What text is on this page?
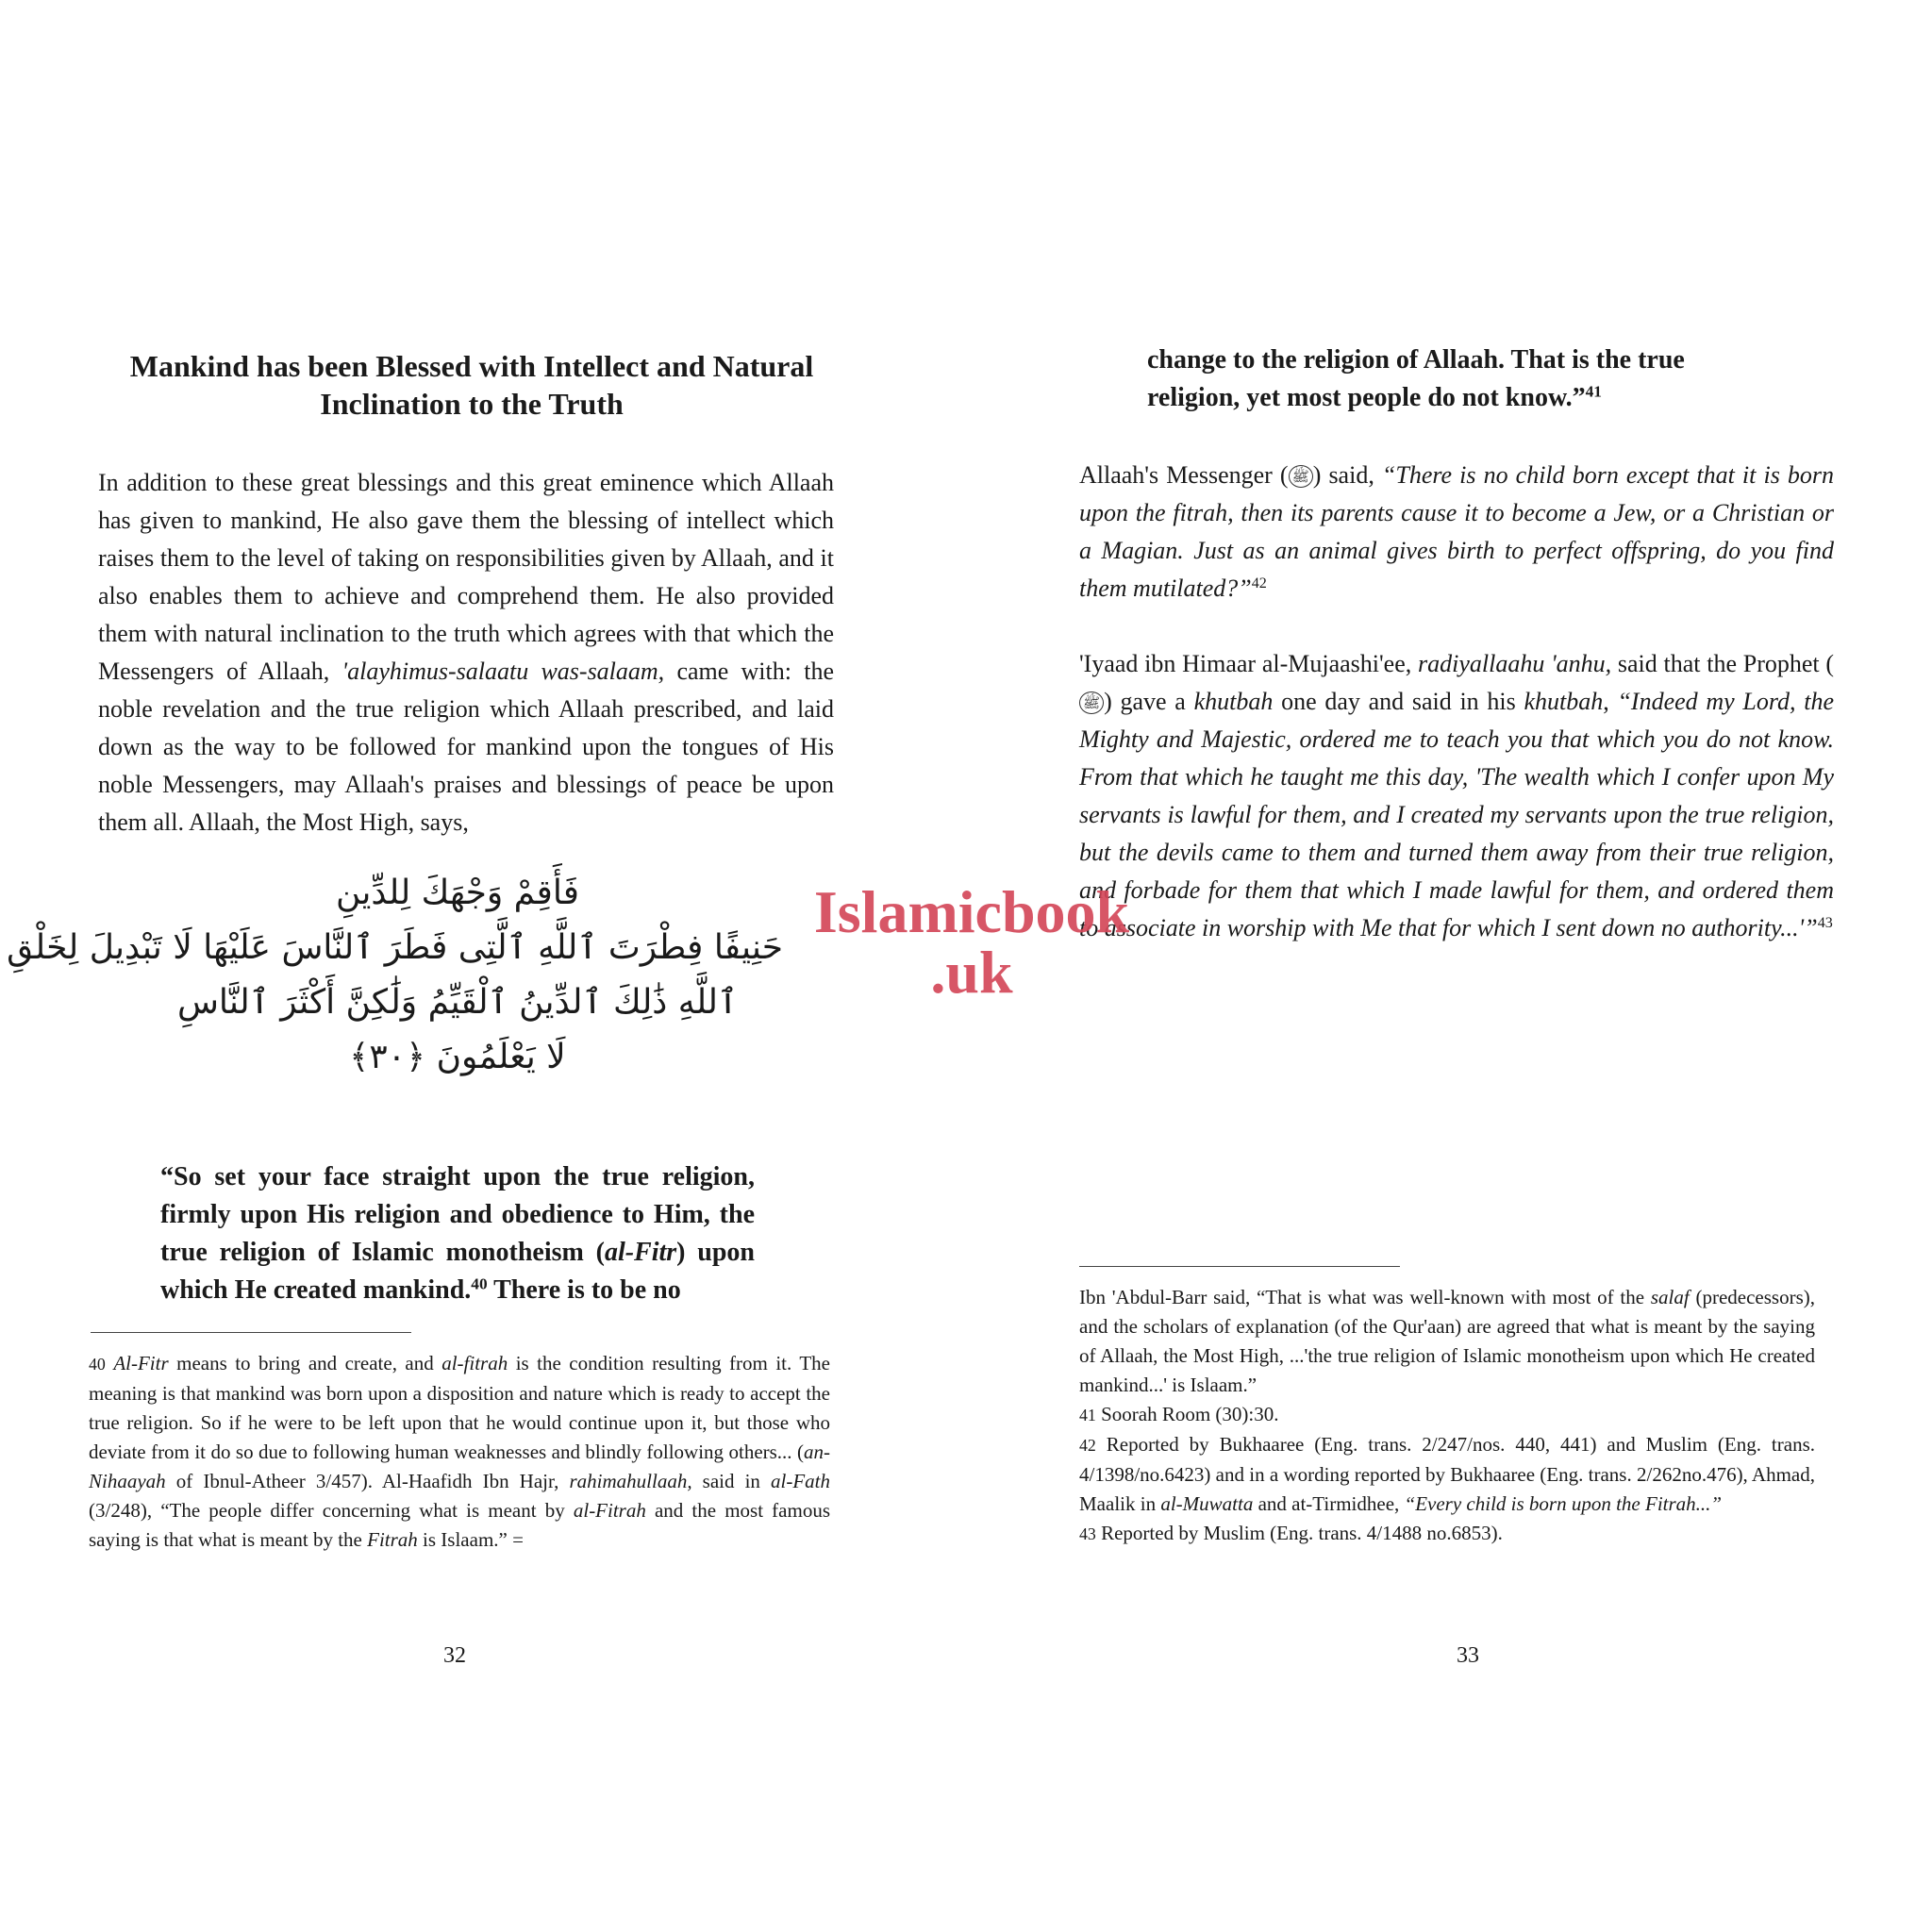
Mankind has been Blessed with Intellect and Natural
Inclination to the Truth

In addition to these great blessings and this great eminence which Allaah has given to mankind, He also gave them the blessing of intellect which raises them to the level of taking on responsibilities given by Allaah, and it also enables them to achieve and comprehend them. He also provided them with natural inclination to the truth which agrees with that which the Messengers of Allaah, 'alayhimus-salaatu was-salaam, came with: the noble revelation and the true religion which Allaah prescribed, and laid down as the way to be followed for mankind upon the tongues of His noble Messengers, may Allaah's praises and blessings of peace be upon them all. Allaah, the Most High, says,

فَأَقِمْ وَجْهَكَ لِلدِّينِ
حَنِيفًا فِطْرَتَ ٱللَّهِ ٱلَّتِى فَطَرَ ٱلنَّاسَ عَلَيْهَا لَا تَبْدِيلَ لِخَلْقِ
ٱللَّهِ ذَٰلِكَ ٱلدِّينُ ٱلْقَيِّمُ وَلَٰكِنَّ أَكْثَرَ ٱلنَّاسِ
لَا يَعْلَمُونَ ﴿٣٠﴾
“So set your face straight upon the true religion, firmly upon His religion and obedience to Him, the true religion of Islamic monotheism (al-Fitr) upon which He created mankind.$^{40}$ There is to be no

40 Al-Fitr means to bring and create, and al-fitrah is the condition resulting from it. The meaning is that mankind was born upon a disposition and nature which is ready to accept the true religion. So if he were to be left upon that he would continue upon it, but those who deviate from it do so due to following human weaknesses and blindly following others... (an-Nihaayah of Ibnul-Atheer 3/457). Al-Haafidh Ibn Hajr, rahimahullaah, said in al-Fath (3/248), “The people differ concerning what is meant by al-Fitrah and the most famous saying is that what is meant by the Fitrah is Islaam.” =

32
change to the religion of Allaah. That is the true religion, yet most people do not know.”$^{41}$

Allaah's Messenger ( ﷺ ) said, “There is no child born except that it is born upon the fitrah, then its parents cause it to become a Jew, or a Christian or a Magian. Just as an animal gives birth to perfect offspring, do you find them mutilated?”$^{42}$

'Iyaad ibn Himaar al-Mujaashi'ee, radiyallaahu 'anhu, said that the Prophet (ﷺ ) gave a khutbah one day and said in his khutbah, “Indeed my Lord, the Mighty and Majestic, ordered me to teach you that which you do not know. From that which he taught me this day, 'The wealth which I confer upon My servants is lawful for them, and I created my servants upon the true religion, but the devils came to them and turned them away from their true religion, and forbade for them that which I made lawful for them, and ordered them to associate in worship with Me that for which I sent down no authority...'”$^{43}$

Ibn 'Abdul-Barr said, “That is what was well-known with most of the salaf (predecessors), and the scholars of explanation (of the Qur'aan) are agreed that what is meant by the saying of Allaah, the Most High, ...'the true religion of Islamic monotheism upon which He created mankind...' is Islaam.”

41 Soorah Room (30):30.

42 Reported by Bukhaaree (Eng. trans. 2/247/nos. 440, 441) and Muslim (Eng. trans. 4/1398/no.6423) and in a wording reported by Bukhaaree (Eng. trans. 2/262no.476), Ahmad, Maalik in al-Muwatta and at-Tirmidhee, “Every child is born upon the Fitrah...”

43 Reported by Muslim (Eng. trans. 4/1488 no.6853).

33
Islamicbook
.uk
